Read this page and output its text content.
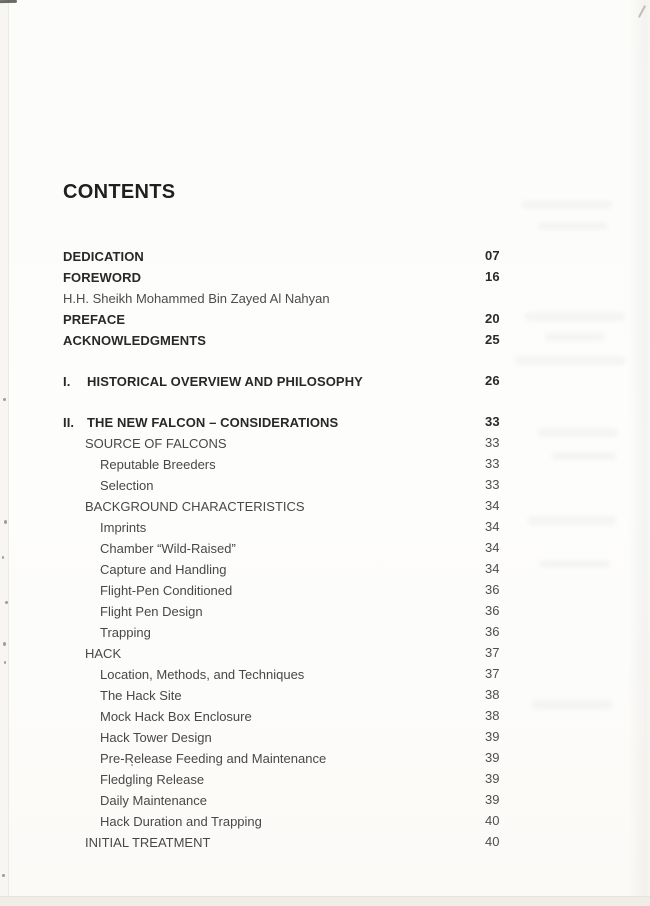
CONTENTS
DEDICATION	07
FOREWORD	16
H.H. Sheikh Mohammed Bin Zayed Al Nahyan
PREFACE	20
ACKNOWLEDGMENTS	25
I. HISTORICAL OVERVIEW AND PHILOSOPHY	26
II. THE NEW FALCON – CONSIDERATIONS	33
SOURCE OF FALCONS	33
Reputable Breeders	33
Selection	33
BACKGROUND CHARACTERISTICS	34
Imprints	34
Chamber “Wild-Raised”	34
Capture and Handling	34
Flight-Pen Conditioned	36
Flight Pen Design	36
Trapping	36
HACK	37
Location, Methods, and Techniques	37
The Hack Site	38
Mock Hack Box Enclosure	38
Hack Tower Design	39
Pre-Release Feeding and Maintenance	39
Fledgling Release	39
Daily Maintenance	39
Hack Duration and Trapping	40
INITIAL TREATMENT	40
